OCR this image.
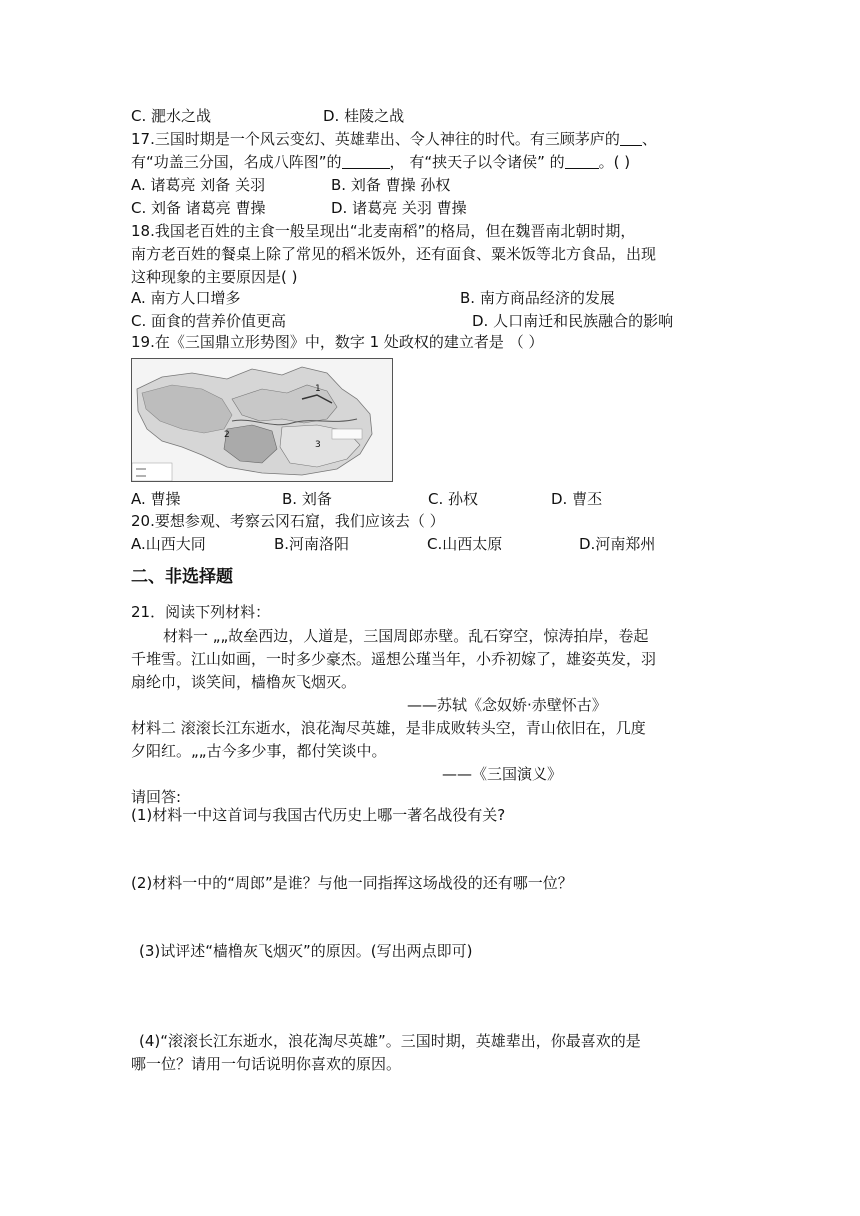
C. 淝水之战	D. 桂陵之战
17.三国时期是一个风云变幻、英雄辈出、令人神往的时代。有三顾茅庐的 、
有“功盖三分国，名成八阵图”的	， 有“挟天子以令诸侯” 的 。( )
A. 诸葛亮 刘备 关羽	B. 刘备 曹操 孙权
C. 刘备 诸葛亮 曹操	D. 诸葛亮 关羽 曹操
18.我国老百姓的主食一般呈现出“北麦南稻”的格局，但在魏晋南北朝时期，
南方老百姓的餐桌上除了常见的稻米饭外，还有面食、粟米饭等北方食品，出现
这种现象的主要原因是( )
A. 南方人口增多	B. 南方商品经济的发展
C. 面食的营养价值更高	D. 人口南迁和民族融合的影响
19.在《三国鼎立形势图》中，数字 1 处政权的建立者是 （ ）
1
2
3
A. 曹操	B. 刘备	C. 孙权	D. 曹丕
20.要想参观、考察云冈石窟，我们应该去（ ）
A.山西大同	B.河南洛阳	C.山西太原	D.河南郑州
二、非选择题
21．阅读下列材料：
材料一 „„故垒西边，人道是，三国周郎赤壁。乱石穿空，惊涛拍岸，卷起
千堆雪。江山如画，一时多少豪杰。遥想公瑾当年，小乔初嫁了，雄姿英发，羽
扇纶巾，谈笑间，樯橹灰飞烟灭。
——苏轼《念奴娇·赤壁怀古》
材料二 滚滚长江东逝水，浪花淘尽英雄，是非成败转头空，青山依旧在，几度
夕阳红。„„古今多少事，都付笑谈中。
——《三国演义》
请回答:
(1)材料一中这首词与我国古代历史上哪一著名战役有关?
(2)材料一中的“周郎”是谁？与他一同指挥这场战役的还有哪一位？
(3)试评述“樯橹灰飞烟灭”的原因。(写出两点即可)
(4)“滚滚长江东逝水，浪花淘尽英雄”。三国时期，英雄辈出，你最喜欢的是
哪一位？请用一句话说明你喜欢的原因。
